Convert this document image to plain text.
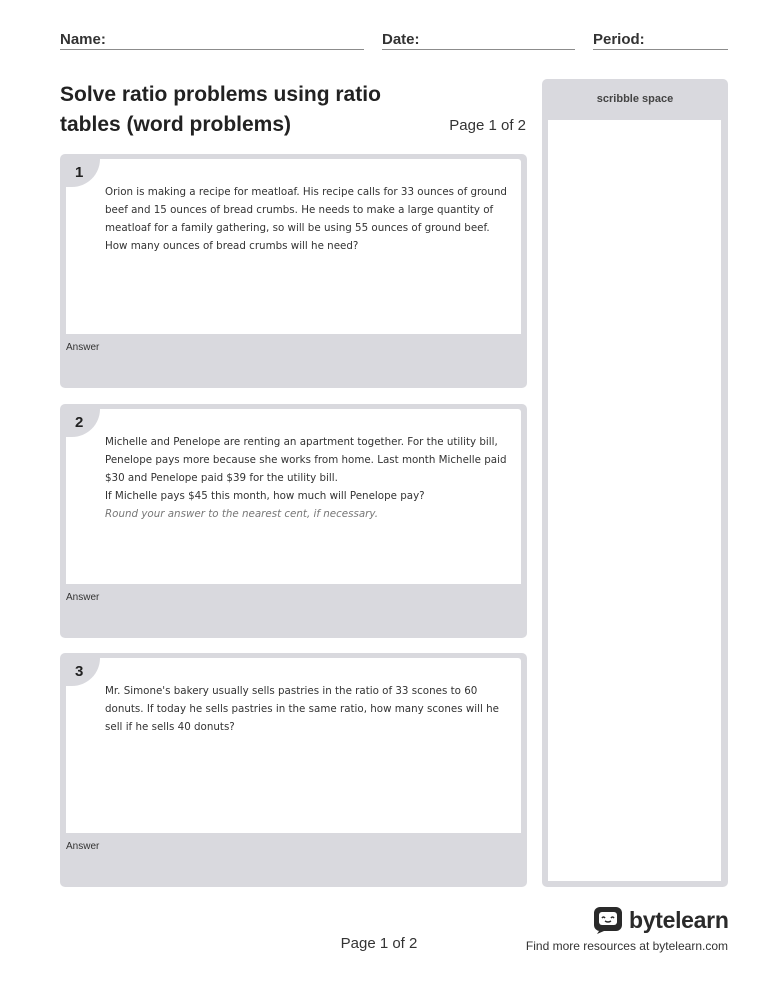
Name:	Date:	Period:
Solve ratio problems using ratio tables (word problems)	Page 1 of 2
1

Orion is making a recipe for meatloaf. His recipe calls for 33 ounces of ground beef and 15 ounces of bread crumbs. He needs to make a large quantity of meatloaf for a family gathering, so will be using 55 ounces of ground beef.

How many ounces of bread crumbs will he need?

Answer
2

Michelle and Penelope are renting an apartment together. For the utility bill, Penelope pays more because she works from home. Last month Michelle paid $30 and Penelope paid $39 for the utility bill.

If Michelle pays $45 this month, how much will Penelope pay?

Round your answer to the nearest cent, if necessary.

Answer
3

Mr. Simone's bakery usually sells pastries in the ratio of 33 scones to 60 donuts. If today he sells pastries in the same ratio, how many scones will he sell if he sells 40 donuts?

Answer
scribble space
Page 1 of 2
bytelearn
Find more resources at bytelearn.com
